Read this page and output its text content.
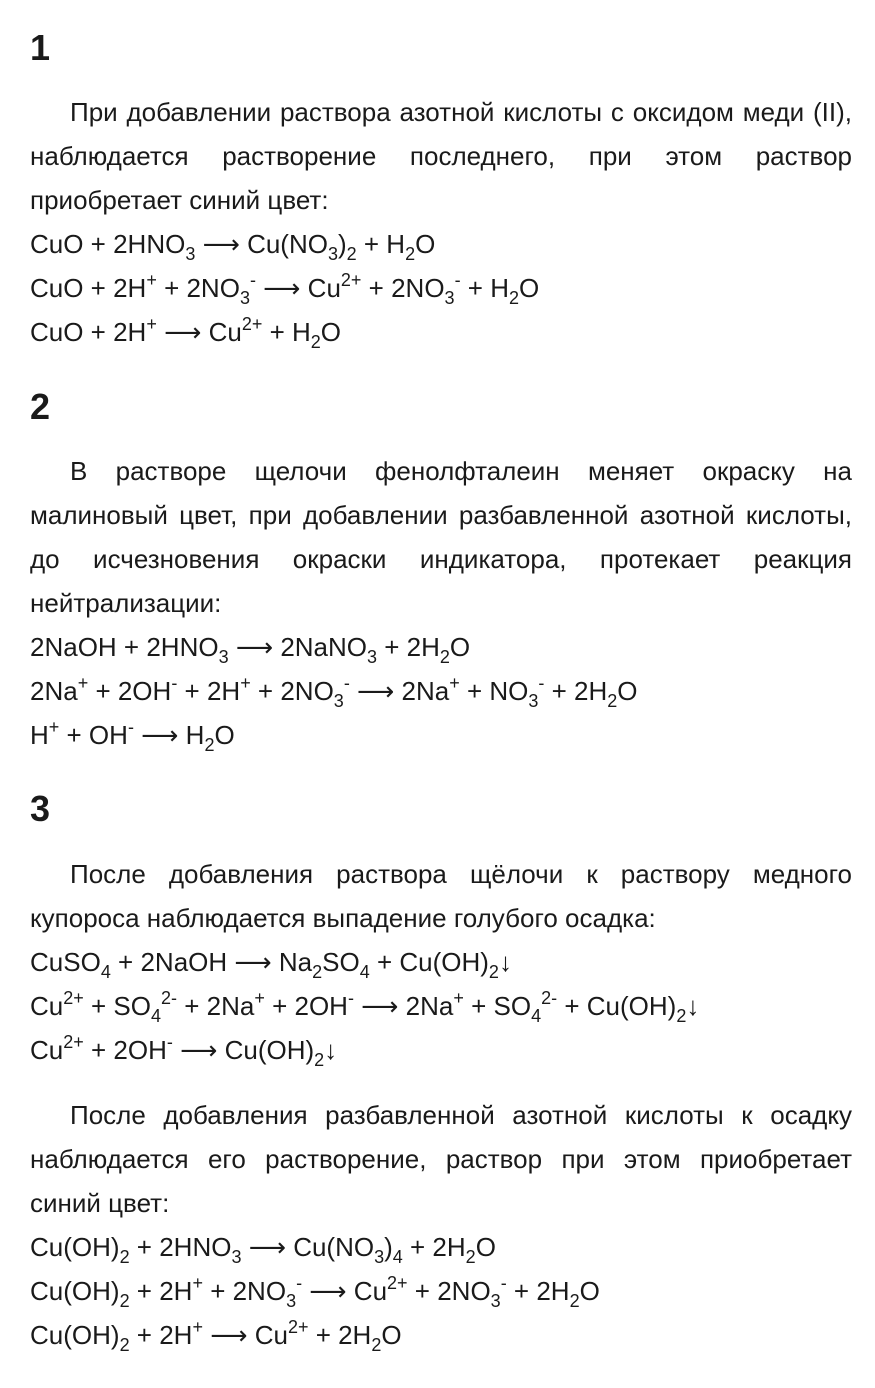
1

При добавлении раствора азотной кислоты с оксидом меди (II), наблюдается растворение последнего, при этом раствор приобретает синий цвет:

CuO + $2HNO_3$ ⟶ $Cu(NO_3)_2 + H_2O$
CuO + $2H^+ + 2NO_3^-$ ⟶ $Cu^{2+} + 2NO_3^- + H_2O$
CuO + 2H+ ⟶ $Cu^{2+} + H_2O$
2

В растворе щелочи фенолфталеин меняет окраску на малиновый цвет, при добавлении разбавленной азотной кислоты, до исчезновения окраски индикатора, протекает реакция нейтрализации:

2NaOH + $2HNO_3$ ⟶ 2NaNO$_3$ + $2H_2O$
$2Na^+ + 2OH^- + 2H^+ + 2NO_3^-$ ⟶ $2Na^+ + NO_3^- + 2H_2O$
H+ + OH- ⟶ $H_2O$
3

После добавления раствора щёлочи к раствору медного купороса наблюдается выпадение голубого осадка:

CuSO$_4$ + 2NaOH ⟶ $Na_2SO_4$ + $Cu(OH)_2↓$
$Cu^{2+} + SO_4^{2-} + 2Na^+ + 2OH^-$ ⟶ $2Na^+ + SO_4^{2-}$ + $Cu(OH)_2↓$
$Cu^{2+} + 2OH^-$ ⟶ $Cu(OH)_2↓$

После добавления разбавленной азотной кислоты к осадку наблюдается его растворение, раствор при этом приобретает синий цвет:

$Cu(OH)_2 + 2HNO_3$ ⟶ $Cu(NO_3)_4 + 2H_2O$
$Cu(OH)_2 + 2H^+ + 2NO_3^-$ ⟶ $Cu^{2+} + 2NO_3^- + 2H_2O$
$Cu(OH)_2 + 2H^+$ ⟶ $Cu^{2+} + 2H_2O$
